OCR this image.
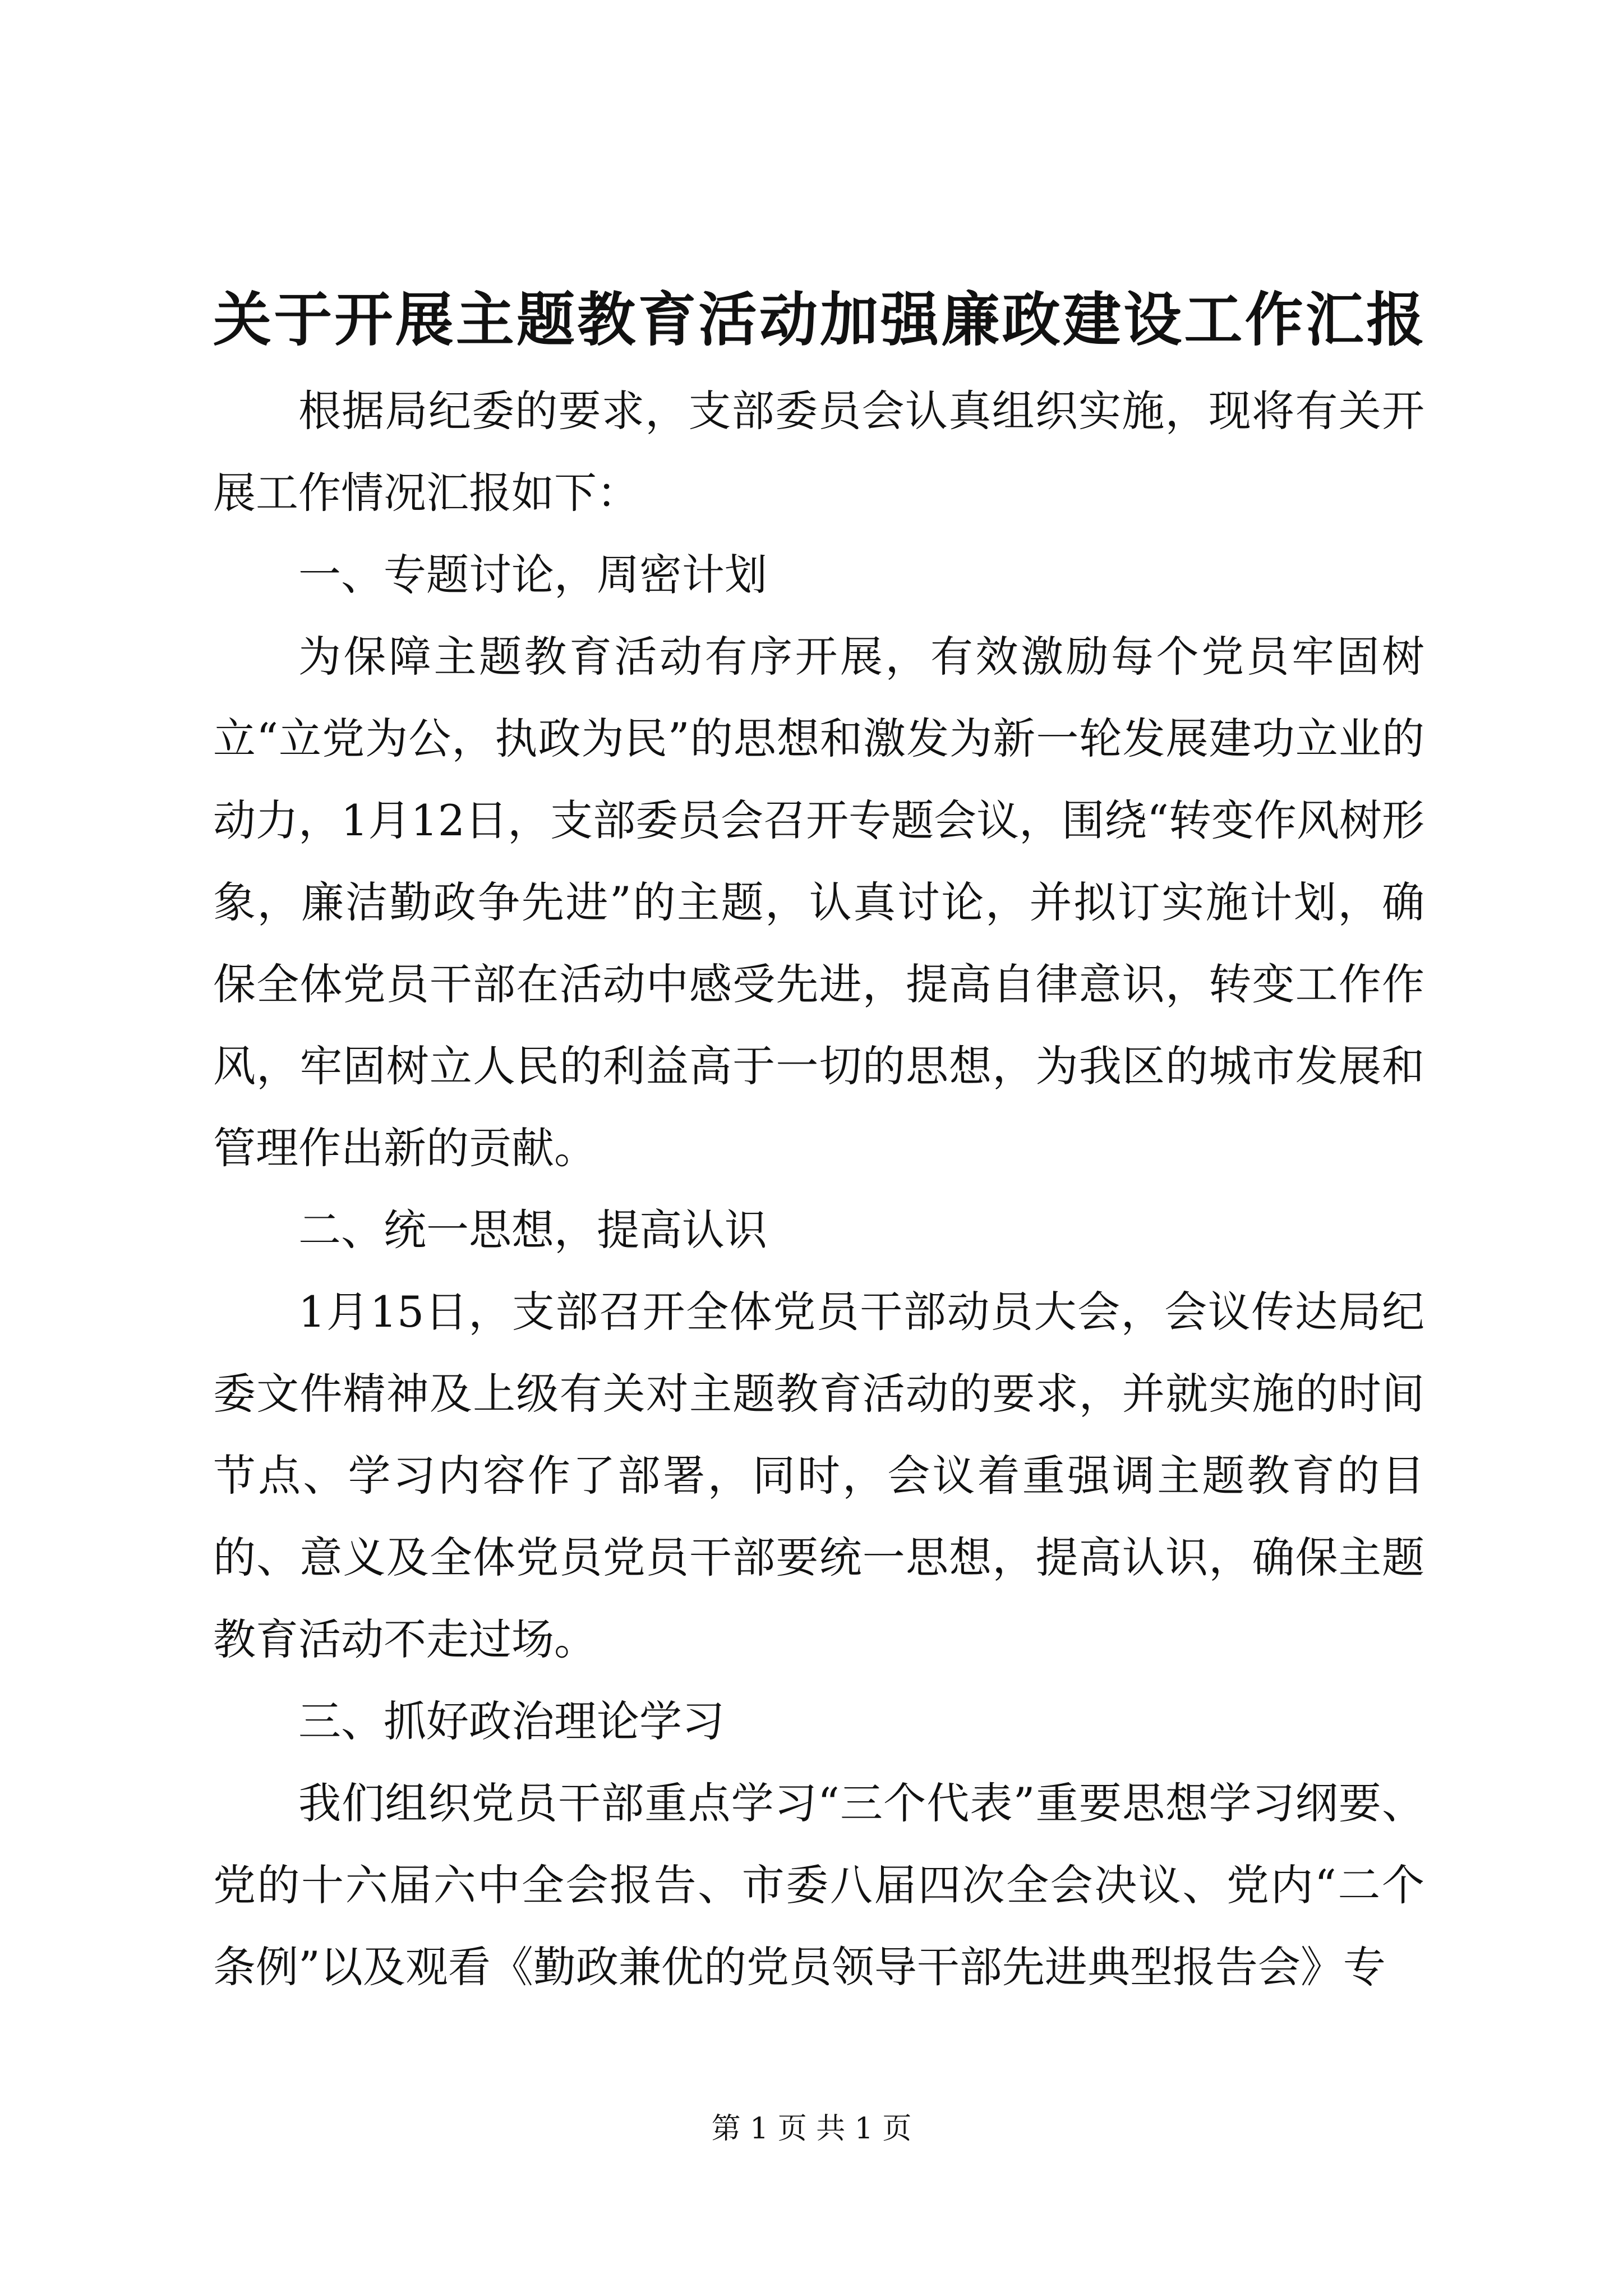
关于开展主题教育活动加强廉政建设工作汇报

根据局纪委的要求，支部委员会认真组织实施，现将有关开展工作情况汇报如下：

一、专题讨论，周密计划

为保障主题教育活动有序开展，有效激励每个党员牢固树立“立党为公，执政为民”的思想和激发为新一轮发展建功立业的动力，1月12日，支部委员会召开专题会议，围绕“转变作风树形象，廉洁勤政争先进”的主题，认真讨论，并拟订实施计划，确保全体党员干部在活动中感受先进，提高自律意识，转变工作作风，牢固树立人民的利益高于一切的思想，为我区的城市发展和管理作出新的贡献。

二、统一思想，提高认识

1月15日，支部召开全体党员干部动员大会，会议传达局纪委文件精神及上级有关对主题教育活动的要求，并就实施的时间节点、学习内容作了部署，同时，会议着重强调主题教育的目的、意义及全体党员党员干部要统一思想，提高认识，确保主题教育活动不走过场。

三、抓好政治理论学习

我们组织党员干部重点学习“三个代表”重要思想学习纲要、党的十六届六中全会报告、市委八届四次全会决议、党内“二个条例”以及观看《勤政兼优的党员领导干部先进典型报告会》专

第 1 页 共 1 页
